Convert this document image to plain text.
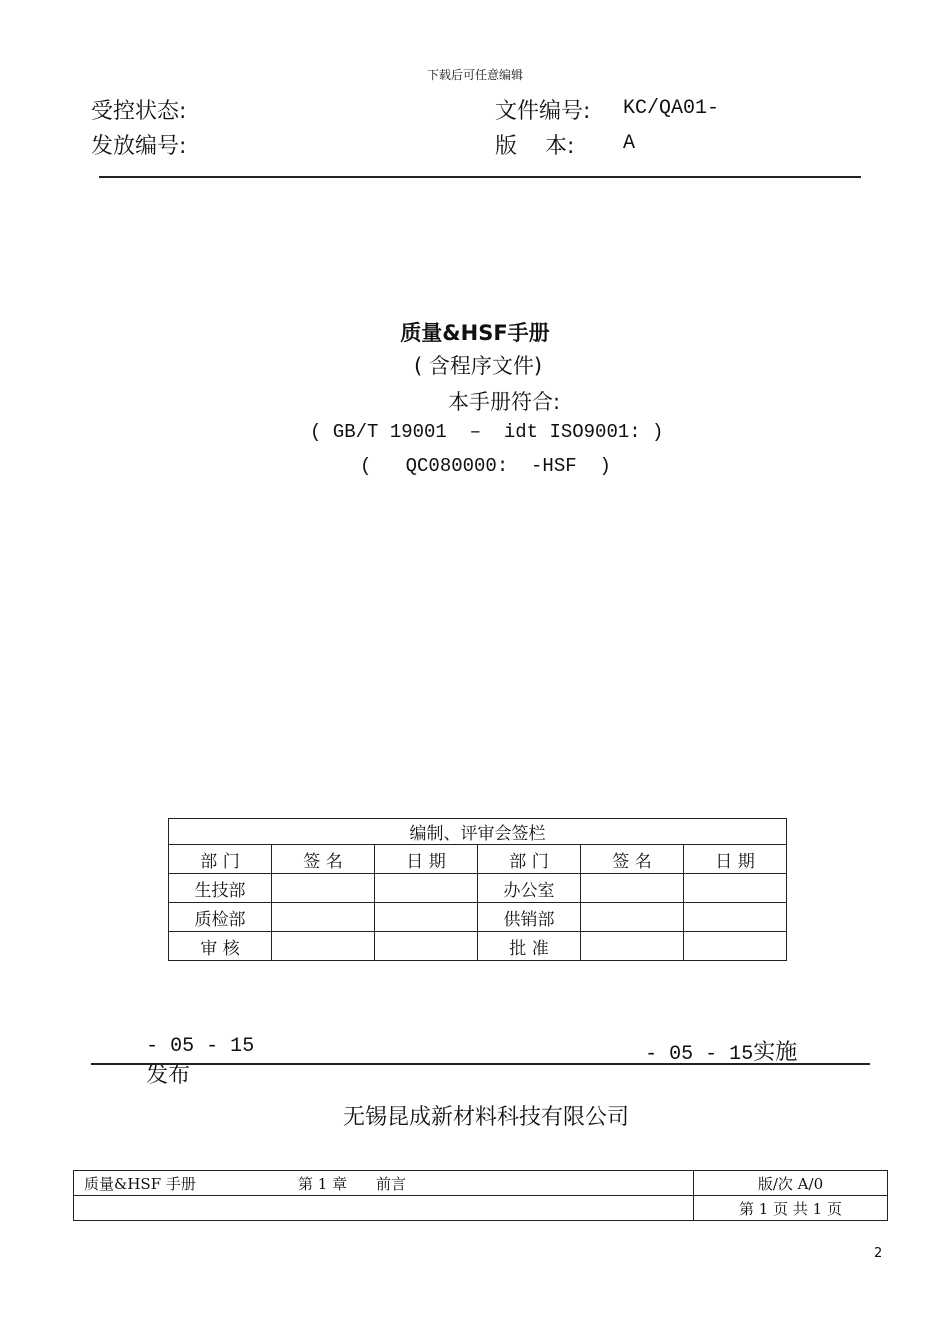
下载后可任意编辑
受控状态:
发放编号:
文件编号: KC/QA01-
版    本: A
质量&HSF手册
( 含程序文件)
本手册符合:
( GB/T 19001  –  idt ISO9001: )
(   QC080000:  -HSF  )
编制、评审会签栏					
部 门	签 名	日 期	部 门	签 名	日 期
生技部			办公室		
质检部			供销部		
审 核			批 准		

- 05 - 15
发布

- 05 - 15实施

无锡昆成新材料科技有限公司
质量&HSF 手册 第 1 章 前言	版/次 A/0
	第 1 页 共 1 页
2
